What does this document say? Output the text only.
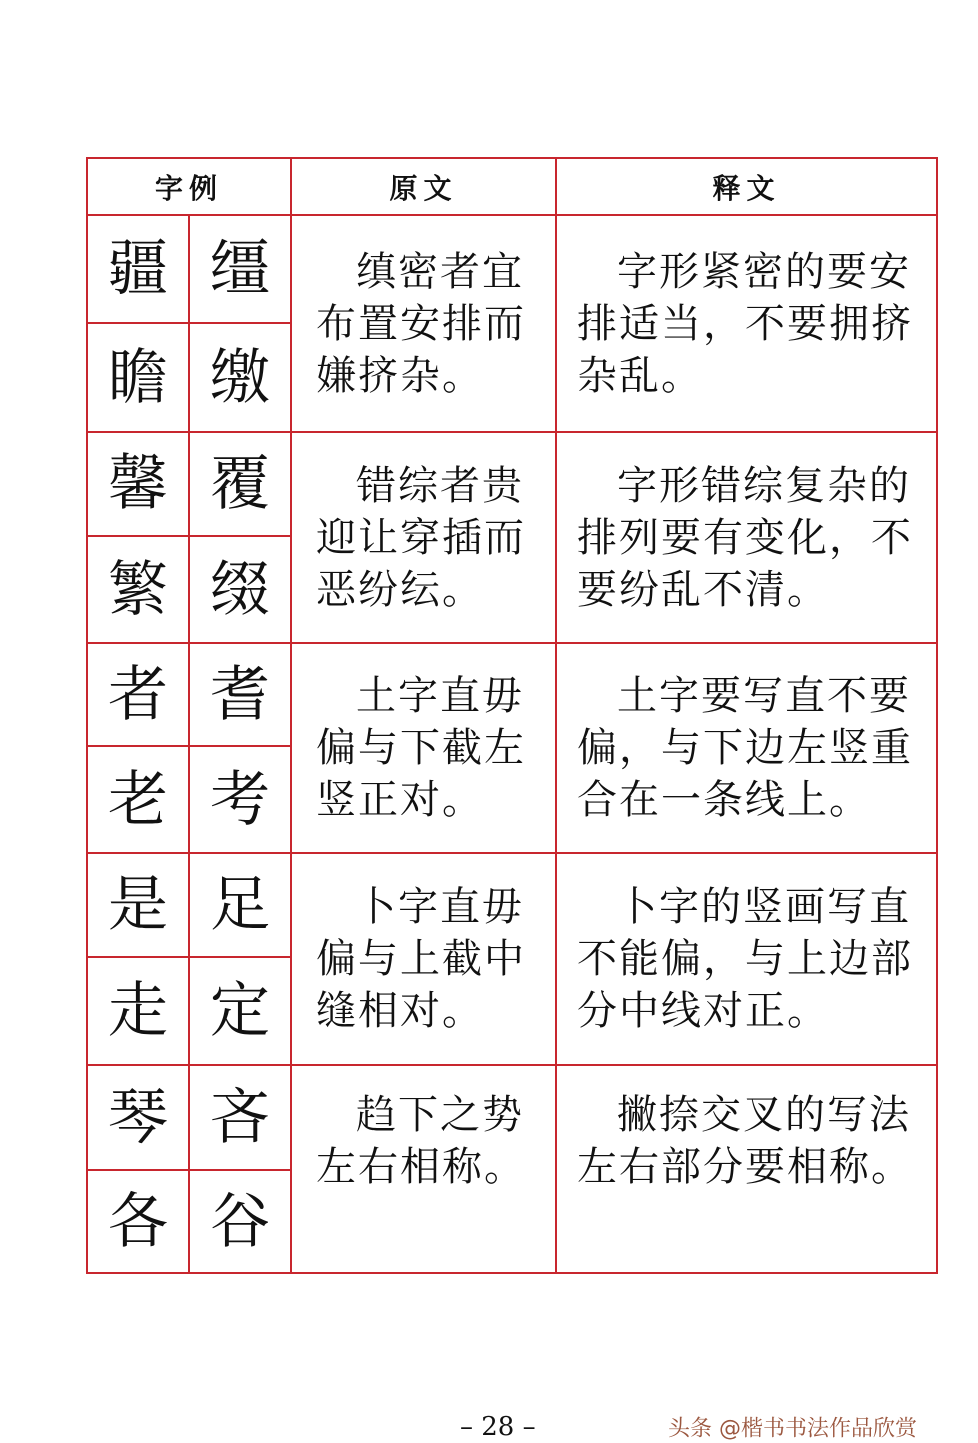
字例	原文	释文
疆 缰
瞻 缴
缜密者宜布置安排而嫌挤杂。
字形紧密的要安排适当，不要拥挤杂乱。
馨 覆
繁 缀
错综者贵迎让穿插而恶纷纭。
字形错综复杂的排列要有变化，不要纷乱不清。
者 耆
老 考
土字直毋偏与下截左竖正对。
土字要写直不要偏，与下边左竖重合在一条线上。
是 足
走 定
卜字直毋偏与上截中缝相对。
卜字的竖画写直不能偏，与上边部分中线对正。
琴 吝
各 谷
趋下之势左右相称。
撇捺交叉的写法左右部分要相称。
– 28 –	头条 @楷书书法作品欣赏
